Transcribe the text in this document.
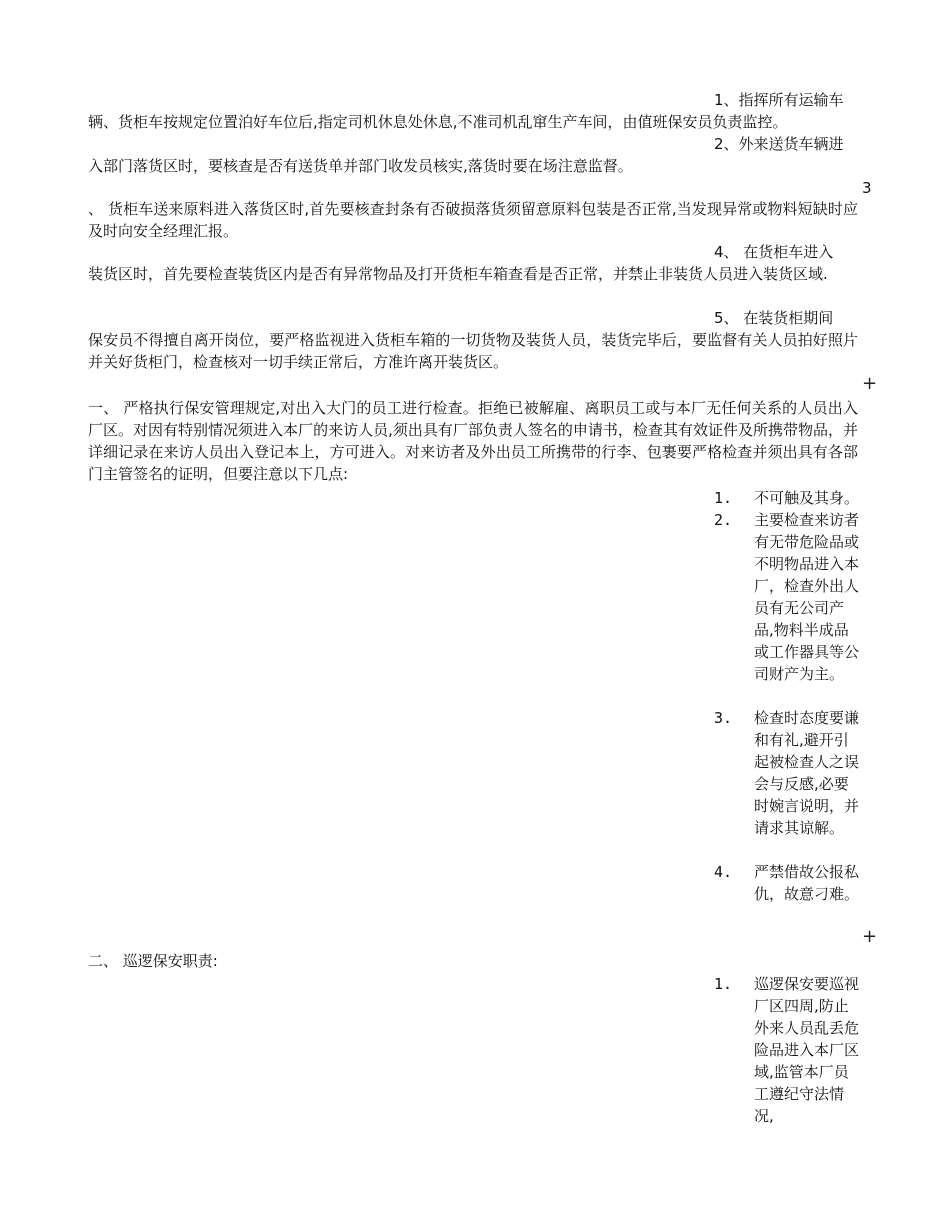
1、指挥所有运输车
辆、货柜车按规定位置泊好车位后,指定司机休息处休息,不准司机乱窜生产车间，由值班保安员负责监控。
2、外来送货车辆进
入部门落货区时，要核查是否有送货单并部门收发员核实,落货时要在场注意监督。
3
、 货柜车送来原料进入落货区时,首先要核查封条有否破损落货须留意原料包装是否正常,当发现异常或物料短缺时应及时向安全经理汇报。
4、 在货柜车进入
装货区时，首先要检查装货区内是否有异常物品及打开货柜车箱查看是否正常，并禁止非装货人员进入装货区域.
5、 在装货柜期间
保安员不得擅自离开岗位，要严格监视进入货柜车箱的一切货物及装货人员，装货完毕后，要监督有关人员拍好照片并关好货柜门，检查核对一切手续正常后，方准许离开装货区。
+
一、 严格执行保安管理规定,对出入大门的员工进行检查。拒绝已被解雇、离职员工或与本厂无任何关系的人员出入厂区。对因有特别情况须进入本厂的来访人员,须出具有厂部负责人签名的申请书，检查其有效证件及所携带物品，并详细记录在来访人员出入登记本上，方可进入。对来访者及外出员工所携带的行李、包裹要严格检查并须出具有各部门主管签名的证明，但要注意以下几点:
1. 不可触及其身。
2. 主要检查来访者有无带危险品或不明物品进入本厂，检查外出人员有无公司产品,物料半成品或工作器具等公司财产为主。
3. 检查时态度要谦和有礼,避开引起被检查人之误会与反感,必要时婉言说明，并请求其谅解。
4. 严禁借故公报私仇，故意刁难。
+
二、 巡逻保安职责:
1. 巡逻保安要巡视厂区四周,防止外来人员乱丢危险品进入本厂区域,监管本厂员工遵纪守法情况,
